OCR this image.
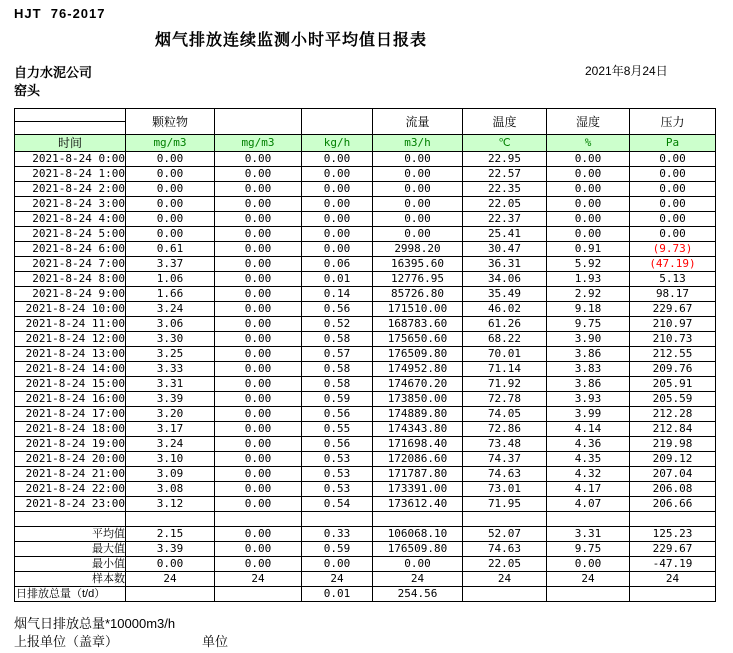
HJT  76-2017
烟气排放连续监测小时平均值日报表
自力水泥公司	2021年8月24日
窑头
	颗粒物			流量	温度	湿度	压力

时间	mg/m3	mg/m3	kg/h	m3/h	℃	%	Pa
2021-8-24 0:00	0.00	0.00	0.00	0.00	22.95	0.00	0.00
2021-8-24 1:00	0.00	0.00	0.00	0.00	22.57	0.00	0.00
2021-8-24 2:00	0.00	0.00	0.00	0.00	22.35	0.00	0.00
2021-8-24 3:00	0.00	0.00	0.00	0.00	22.05	0.00	0.00
2021-8-24 4:00	0.00	0.00	0.00	0.00	22.37	0.00	0.00
2021-8-24 5:00	0.00	0.00	0.00	0.00	25.41	0.00	0.00
2021-8-24 6:00	0.61	0.00	0.00	2998.20	30.47	0.91	(9.73)
2021-8-24 7:00	3.37	0.00	0.06	16395.60	36.31	5.92	(47.19)
2021-8-24 8:00	1.06	0.00	0.01	12776.95	34.06	1.93	5.13
2021-8-24 9:00	1.66	0.00	0.14	85726.80	35.49	2.92	98.17
2021-8-24 10:00	3.24	0.00	0.56	171510.00	46.02	9.18	229.67
2021-8-24 11:00	3.06	0.00	0.52	168783.60	61.26	9.75	210.97
2021-8-24 12:00	3.30	0.00	0.58	175650.60	68.22	3.90	210.73
2021-8-24 13:00	3.25	0.00	0.57	176509.80	70.01	3.86	212.55
2021-8-24 14:00	3.33	0.00	0.58	174952.80	71.14	3.83	209.76
2021-8-24 15:00	3.31	0.00	0.58	174670.20	71.92	3.86	205.91
2021-8-24 16:00	3.39	0.00	0.59	173850.00	72.78	3.93	205.59
2021-8-24 17:00	3.20	0.00	0.56	174889.80	74.05	3.99	212.28
2021-8-24 18:00	3.17	0.00	0.55	174343.80	72.86	4.14	212.84
2021-8-24 19:00	3.24	0.00	0.56	171698.40	73.48	4.36	219.98
2021-8-24 20:00	3.10	0.00	0.53	172086.60	74.37	4.35	209.12
2021-8-24 21:00	3.09	0.00	0.53	171787.80	74.63	4.32	207.04
2021-8-24 22:00	3.08	0.00	0.53	173391.00	73.01	4.17	206.08
2021-8-24 23:00	3.12	0.00	0.54	173612.40	71.95	4.07	206.66

平均值	2.15	0.00	0.33	106068.10	52.07	3.31	125.23
最大值	3.39	0.00	0.59	176509.80	74.63	9.75	229.67
最小值	0.00	0.00	0.00	0.00	22.05	0.00	-47.19
样本数	24	24	24	24	24	24	24
日排放总量（t/d）			0.01	254.56			
烟气日排放总量*10000m3/h
上报单位（盖章）	单位
